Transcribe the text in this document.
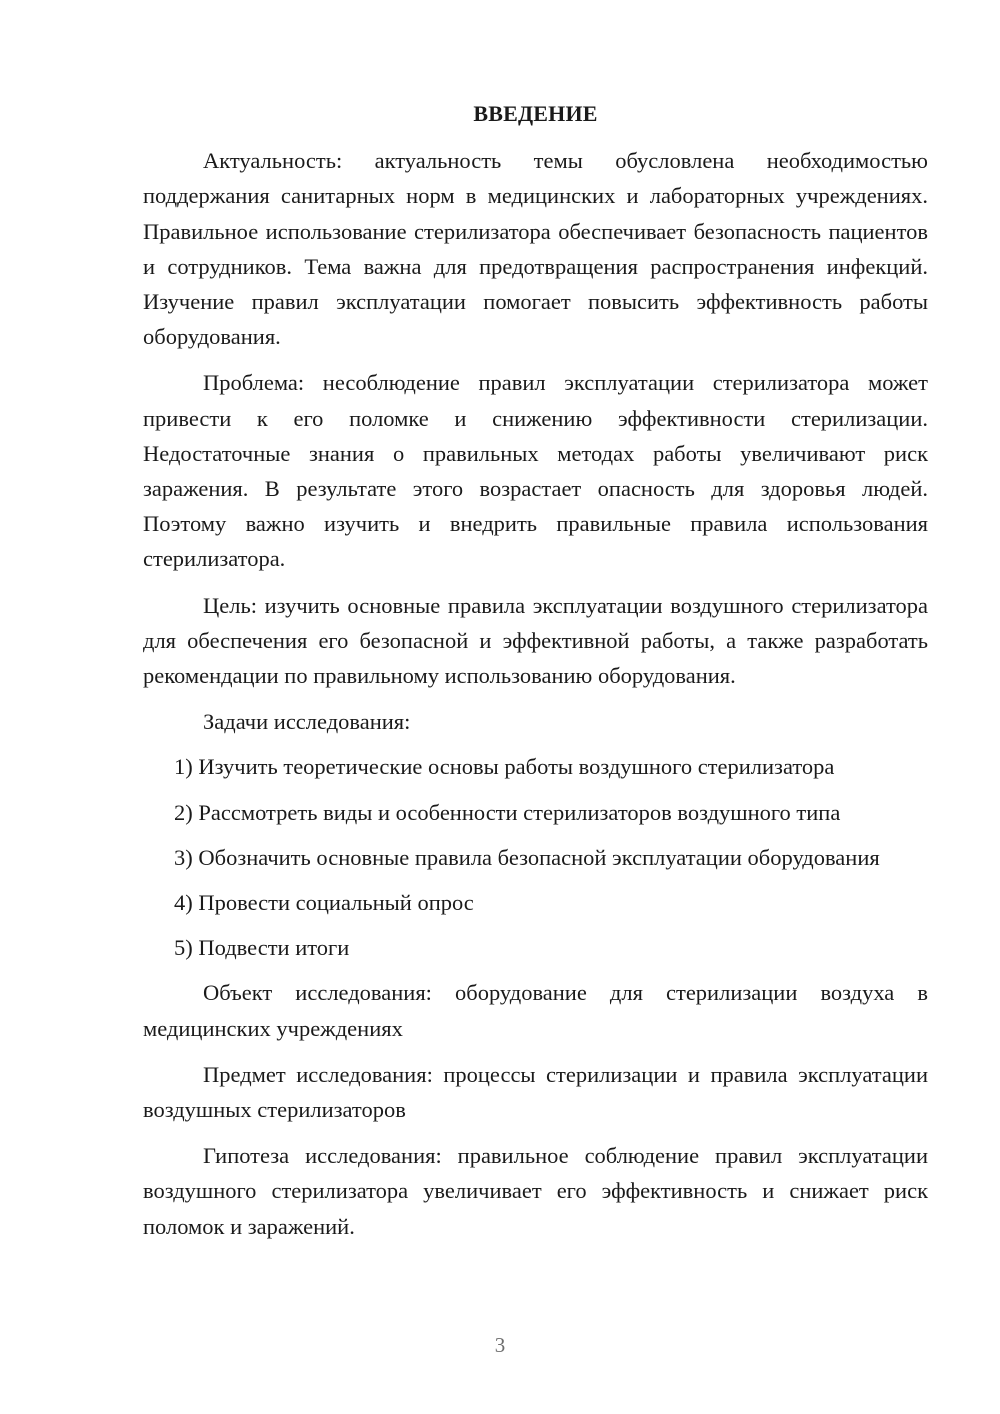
ВВЕДЕНИЕ

Актуальность: актуальность темы обусловлена необходимостью поддержания санитарных норм в медицинских и лабораторных учреждениях. Правильное использование стерилизатора обеспечивает безопасность пациентов и сотрудников. Тема важна для предотвращения распространения инфекций. Изучение правил эксплуатации помогает повысить эффективность работы оборудования.

Проблема: несоблюдение правил эксплуатации стерилизатора может привести к его поломке и снижению эффективности стерилизации. Недостаточные знания о правильных методах работы увеличивают риск заражения. В результате этого возрастает опасность для здоровья людей. Поэтому важно изучить и внедрить правильные правила использования стерилизатора.

Цель: изучить основные правила эксплуатации воздушного стерилизатора для обеспечения его безопасной и эффективной работы, а также разработать рекомендации по правильному использованию оборудования.

Задачи исследования:

1) Изучить теоретические основы работы воздушного стерилизатора

2) Рассмотреть виды и особенности стерилизаторов воздушного типа

3) Обозначить основные правила безопасной эксплуатации оборудования

4) Провести социальный опрос

5) Подвести итоги

Объект исследования: оборудование для стерилизации воздуха в медицинских учреждениях

Предмет исследования: процессы стерилизации и правила эксплуатации воздушных стерилизаторов

Гипотеза исследования: правильное соблюдение правил эксплуатации воздушного стерилизатора увеличивает его эффективность и снижает риск поломок и заражений.

3
